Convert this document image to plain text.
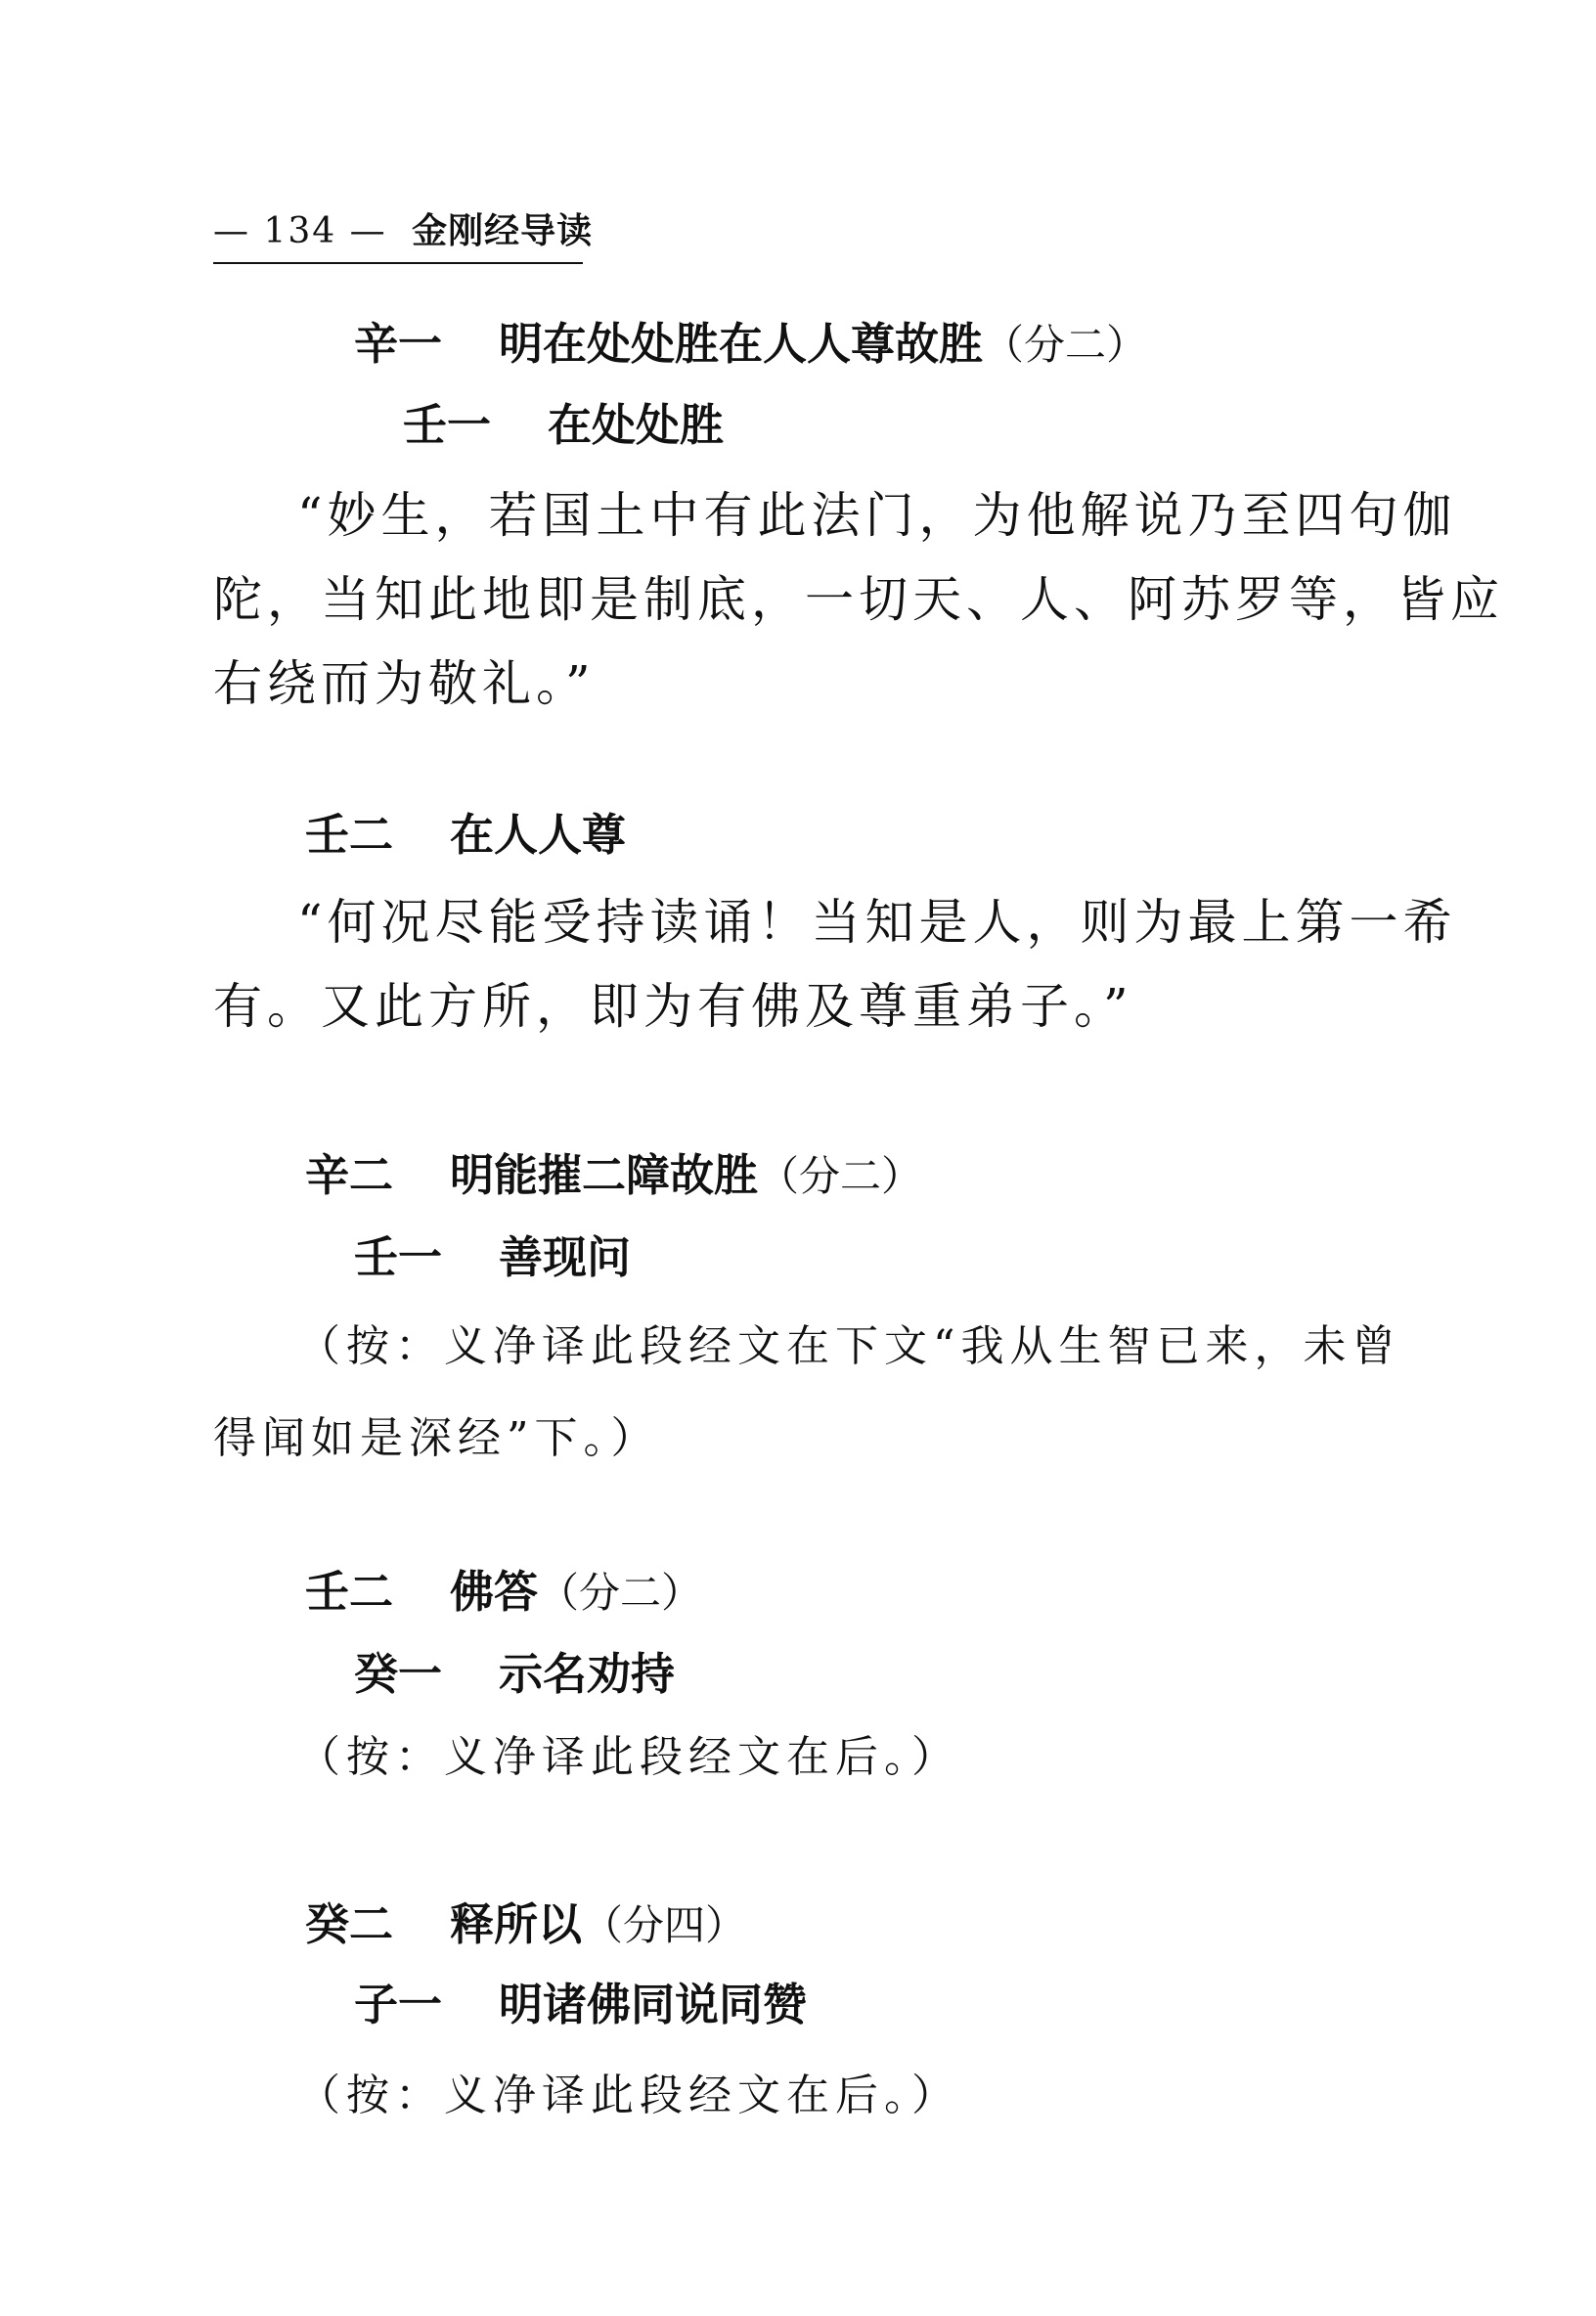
— 134 — 金刚经导读
辛一 明在处处胜在人人尊故胜（分二）
壬一 在处处胜
“妙生，若国土中有此法门，为他解说乃至四句伽
陀，当知此地即是制底，一切天、人、阿苏罗等，皆应
右绕而为敬礼。”
壬二 在人人尊
“何况尽能受持读诵！当知是人，则为最上第一希
有。又此方所，即为有佛及尊重弟子。”
辛二 明能摧二障故胜（分二）
壬一 善现问
（按：义净译此段经文在下文“我从生智已来，未曾
得闻如是深经”下。）
壬二 佛答（分二）
癸一 示名劝持
（按：义净译此段经文在后。）
癸二 释所以（分四）
子一 明诸佛同说同赞
（按：义净译此段经文在后。）
